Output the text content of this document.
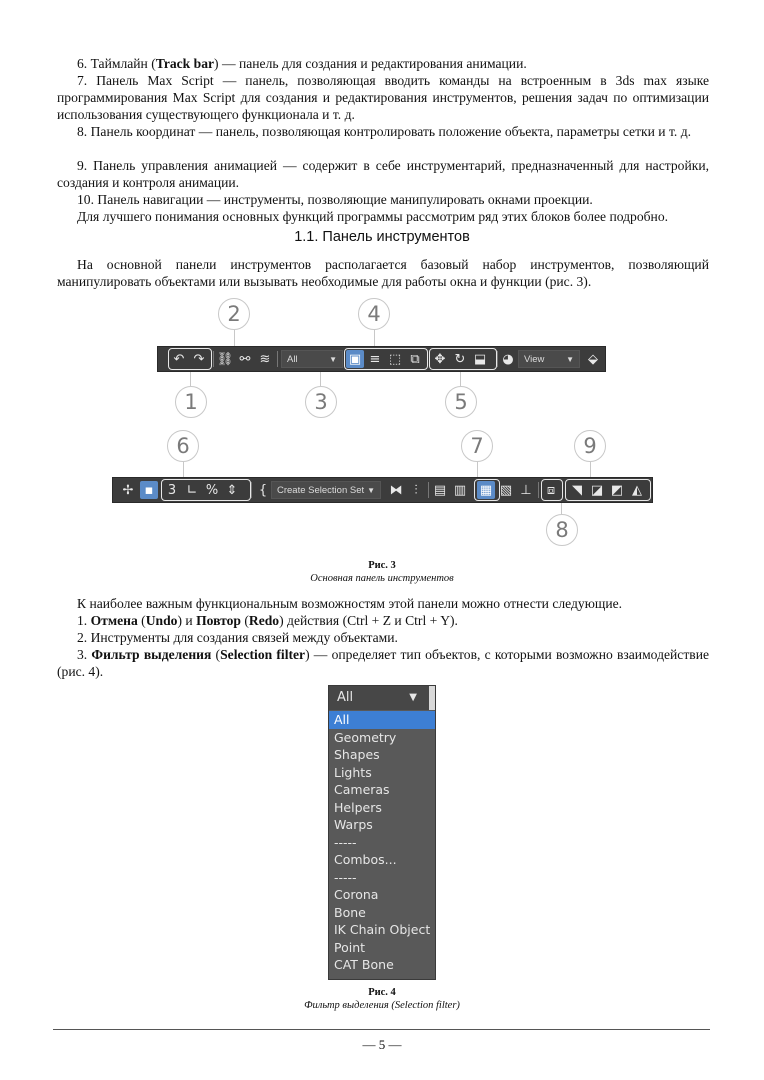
6. Таймлайн (Track bar) — панель для создания и редактирования анимации.

7. Панель Max Script — панель, позволяющая вводить команды на встроенным в 3ds max языке программирования Max Script для создания и редактирования инструментов, решения задач по оптимизации использования существующего функционала и т. д.

8. Панель координат — панель, позволяющая контролировать положение объекта, параметры сетки и т. д.

9. Панель управления анимацией — содержит в себе инструментарий, предназначенный для настройки, создания и контроля анимации.

10. Панель навигации — инструменты, позволяющие манипулировать окнами проекции.

Для лучшего понимания основных функций программы рассмотрим ряд этих блоков более подробно.

1.1. Панель инструментов

На основной панели инструментов располагается базовый набор инструментов, позволяющий манипулировать объектами или вызывать необходимые для работы окна и функции (рис. 3).

2	4
↶ ↷ ⛓ ⚯ ≋	All	▼ ▣ ≡ ⬚ ⧉	✥ ↻ ⬓ ◕	View	▼	⬙
1	3	5
6	7	9
✢ ▪	3 ∟ % ⇕	{	Create Selection Set ▼ ⧓ ⫶	▤ ▥ ▦ ▧ ⊥	⧈	◥ ◪ ◩ ◭
8
Рис. 3
Основная панель инструментов

К наиболее важным функциональным возможностям этой панели можно отнести следующие.

1. Отмена (Undo) и Повтор (Redo) действия (Ctrl + Z и Ctrl + Y).

2. Инструменты для создания связей между объектами.

3. Фильтр выделения (Selection filter) — определяет тип объектов, с которыми возможно взаимодействие (рис. 4).

All	▼
All
Geometry
Shapes
Lights
Cameras
Helpers
Warps
-----
Combos...
-----
Corona
Bone
IK Chain Object
Point
CAT Bone
Рис. 4
Фильтр выделения (Selection filter)
— 5 —
